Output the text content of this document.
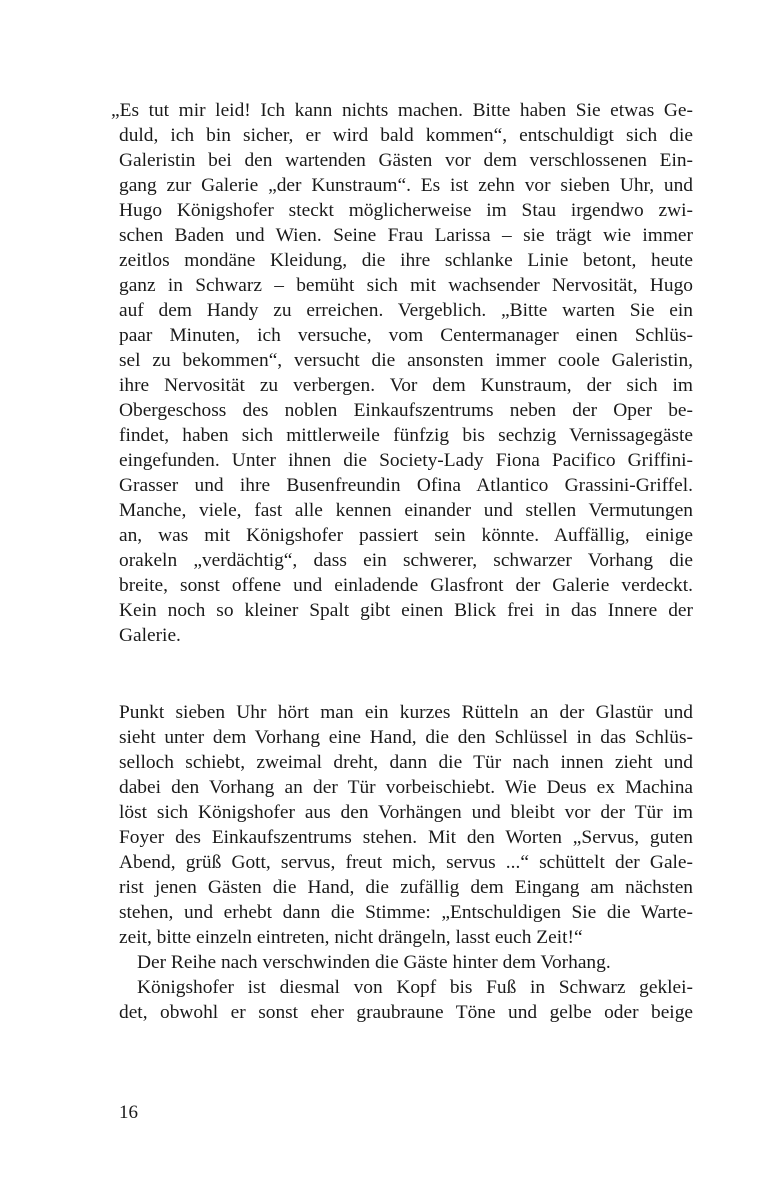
„Es tut mir leid! Ich kann nichts machen. Bitte haben Sie etwas Ge-
duld, ich bin sicher, er wird bald kommen“, entschuldigt sich die
Galeristin bei den wartenden Gästen vor dem verschlossenen Ein-
gang zur Galerie „der Kunstraum“. Es ist zehn vor sieben Uhr, und
Hugo Königshofer steckt möglicherweise im Stau irgendwo zwi-
schen Baden und Wien. Seine Frau Larissa – sie trägt wie immer
zeitlos mondäne Kleidung, die ihre schlanke Linie betont, heute
ganz in Schwarz – bemüht sich mit wachsender Nervosität, Hugo
auf dem Handy zu erreichen. Vergeblich. „Bitte warten Sie ein
paar Minuten, ich versuche, vom Centermanager einen Schlüs-
sel zu bekommen“, versucht die ansonsten immer coole Galeristin,
ihre Nervosität zu verbergen. Vor dem Kunstraum, der sich im
Obergeschoss des noblen Einkaufszentrums neben der Oper be-
findet, haben sich mittlerweile fünfzig bis sechzig Vernissagegäste
eingefunden. Unter ihnen die Society-Lady Fiona Pacifico Griffini-
Grasser und ihre Busenfreundin Ofina Atlantico Grassini-Griffel.
Manche, viele, fast alle kennen einander und stellen Vermutungen
an, was mit Königshofer passiert sein könnte. Auffällig, einige
orakeln „verdächtig“, dass ein schwerer, schwarzer Vorhang die
breite, sonst offene und einladende Glasfront der Galerie verdeckt.
Kein noch so kleiner Spalt gibt einen Blick frei in das Innere der
Galerie.
Punkt sieben Uhr hört man ein kurzes Rütteln an der Glastür und
sieht unter dem Vorhang eine Hand, die den Schlüssel in das Schlüs-
selloch schiebt, zweimal dreht, dann die Tür nach innen zieht und
dabei den Vorhang an der Tür vorbeischiebt. Wie Deus ex Machina
löst sich Königshofer aus den Vorhängen und bleibt vor der Tür im
Foyer des Einkaufszentrums stehen. Mit den Worten „Servus, guten
Abend, grüß Gott, servus, freut mich, servus ...“ schüttelt der Gale-
rist jenen Gästen die Hand, die zufällig dem Eingang am nächsten
stehen, und erhebt dann die Stimme: „Entschuldigen Sie die Warte-
zeit, bitte einzeln eintreten, nicht drängeln, lasst euch Zeit!“
Der Reihe nach verschwinden die Gäste hinter dem Vorhang.
Königshofer ist diesmal von Kopf bis Fuß in Schwarz geklei-
det, obwohl er sonst eher graubraune Töne und gelbe oder beige
16
